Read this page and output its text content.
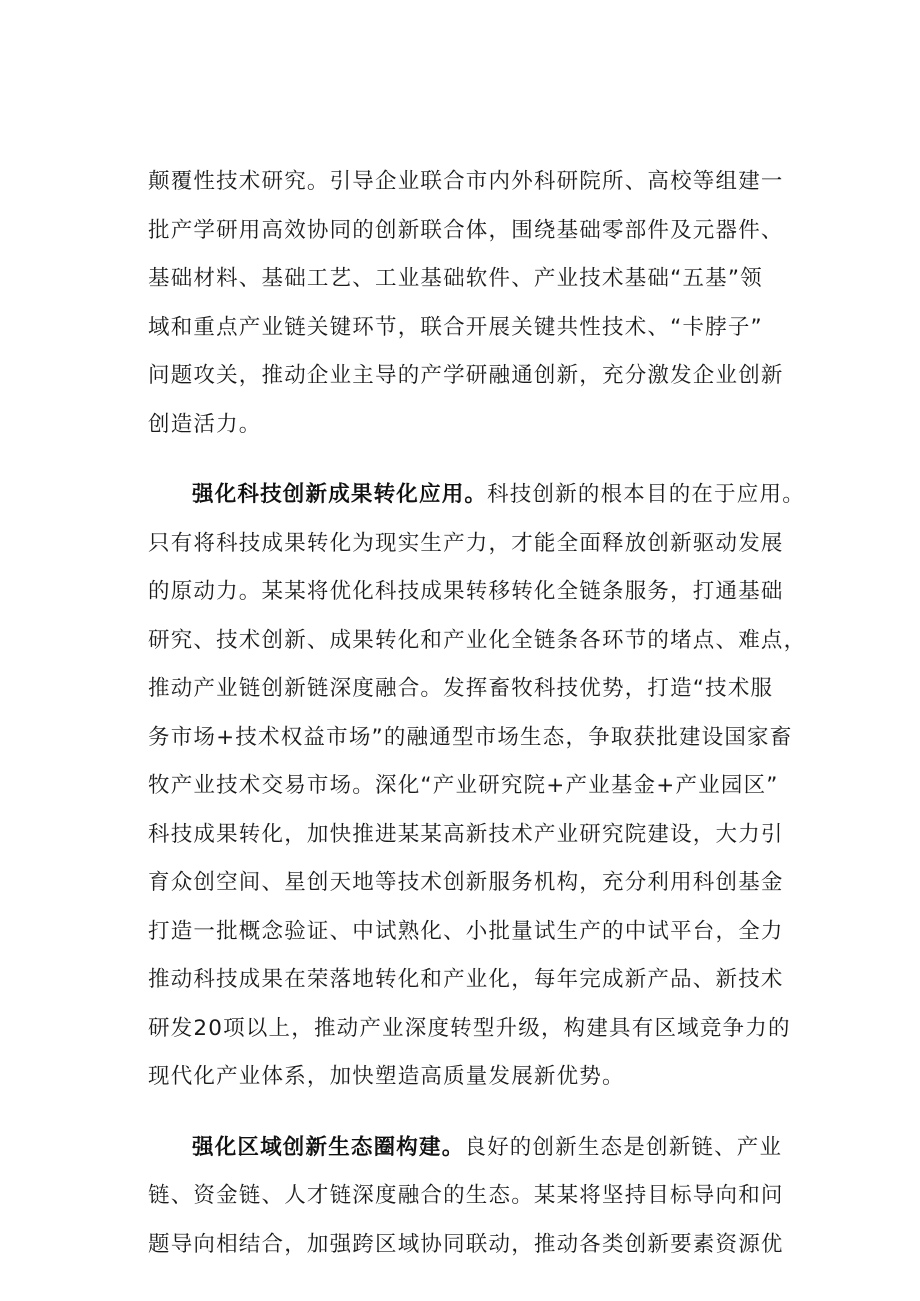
颠覆性技术研究。引导企业联合市内外科研院所、高校等组建一
批产学研用高效协同的创新联合体，围绕基础零部件及元器件、
基础材料、基础工艺、工业基础软件、产业技术基础“五基”领
域和重点产业链关键环节，联合开展关键共性技术、“卡脖子”
问题攻关，推动企业主导的产学研融通创新，充分激发企业创新
创造活力。
强化科技创新成果转化应用。科技创新的根本目的在于应用。
只有将科技成果转化为现实生产力，才能全面释放创新驱动发展
的原动力。某某将优化科技成果转移转化全链条服务，打通基础
研究、技术创新、成果转化和产业化全链条各环节的堵点、难点，
推动产业链创新链深度融合。发挥畜牧科技优势，打造“技术服
务市场+技术权益市场”的融通型市场生态，争取获批建设国家畜
牧产业技术交易市场。深化“产业研究院+产业基金+产业园区”
科技成果转化，加快推进某某高新技术产业研究院建设，大力引
育众创空间、星创天地等技术创新服务机构，充分利用科创基金
打造一批概念验证、中试熟化、小批量试生产的中试平台，全力
推动科技成果在荣落地转化和产业化，每年完成新产品、新技术
研发20项以上，推动产业深度转型升级，构建具有区域竞争力的
现代化产业体系，加快塑造高质量发展新优势。
强化区域创新生态圈构建。良好的创新生态是创新链、产业
链、资金链、人才链深度融合的生态。某某将坚持目标导向和问
题导向相结合，加强跨区域协同联动，推动各类创新要素资源优
